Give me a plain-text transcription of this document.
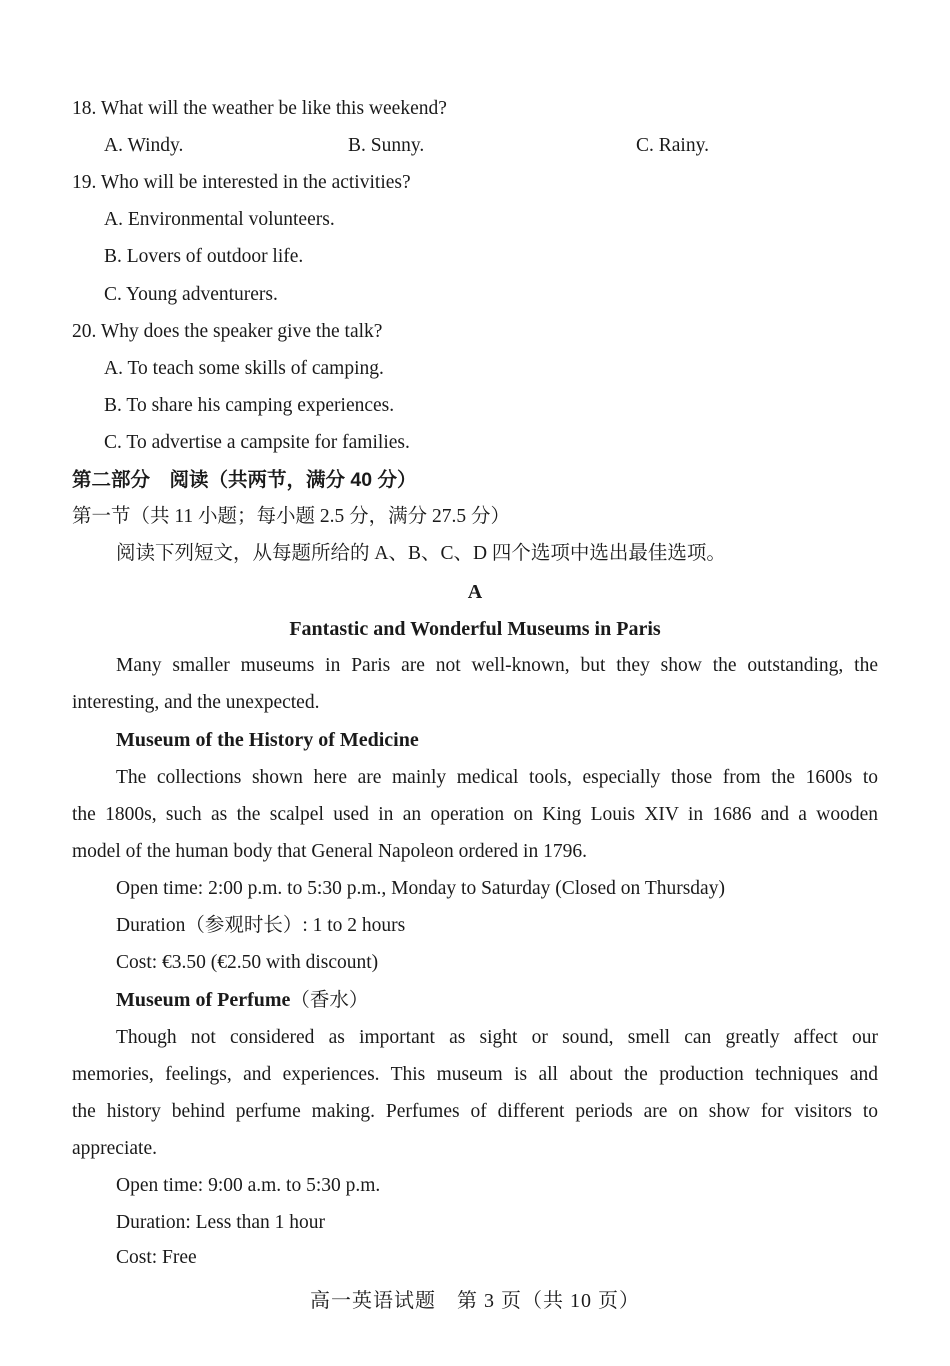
18. What will the weather be like this weekend?
A. Windy.	B. Sunny.	C. Rainy.
19. Who will be interested in the activities?
A. Environmental volunteers.
B. Lovers of outdoor life.
C. Young adventurers.
20. Why does the speaker give the talk?
A. To teach some skills of camping.
B. To share his camping experiences.
C. To advertise a campsite for families.
第二部分　阅读（共两节，满分 40 分）
第一节（共 11 小题；每小题 2.5 分，满分 27.5 分）
阅读下列短文，从每题所给的 A、B、C、D 四个选项中选出最佳选项。
A
Fantastic and Wonderful Museums in Paris
Many smaller museums in Paris are not well-known, but they show the outstanding, the
interesting, and the unexpected.
Museum of the History of Medicine
The collections shown here are mainly medical tools, especially those from the 1600s to
the 1800s, such as the scalpel used in an operation on King Louis XIV in 1686 and a wooden
model of the human body that General Napoleon ordered in 1796.
Open time: 2:00 p.m. to 5:30 p.m., Monday to Saturday (Closed on Thursday)
Duration（参观时长）: 1 to 2 hours
Cost: €3.50 (€2.50 with discount)
Museum of Perfume（香水）
Though not considered as important as sight or sound, smell can greatly affect our
memories, feelings, and experiences. This museum is all about the production techniques and
the history behind perfume making. Perfumes of different periods are on show for visitors to
appreciate.
Open time: 9:00 a.m. to 5:30 p.m.
Duration: Less than 1 hour
Cost: Free
高一英语试题　第 3 页（共 10 页）
